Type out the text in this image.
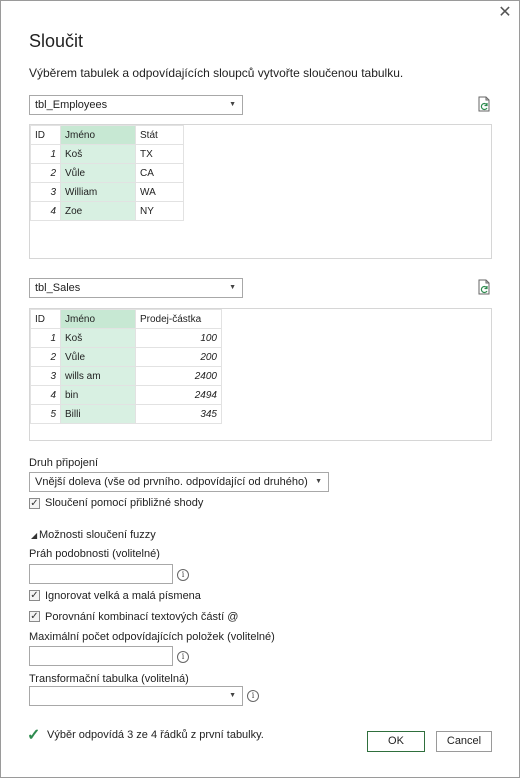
✕
Sloučit
Výběrem tabulek a odpovídajících sloupců vytvořte sloučenou tabulku.
tbl_Employees	▼
ID	Jméno	Stát
1	Koš	TX
2	Vůle	CA
3	William	WA
4	Zoe	NY
tbl_Sales	▼
ID	Jméno	Prodej-částka
1	Koš	100
2	Vůle	200
3	wills am	2400
4	bin	2494
5	Billi	345
Druh připojení
Vnější doleva (vše od prvního. odpovídající od druhého) ▼
✓ Sloučení pomocí přibližné shody
◢ Možnosti sloučení fuzzy
Práh podobnosti (volitelné)
i
✓ Ignorovat velká a malá písmena
✓ Porovnání kombinací textových částí @
Maximální počet odpovídajících položek (volitelné)
i
Transformační tabulka (volitelná)
▼	i
✓ Výběr odpovídá 3 ze 4 řádků z první tabulky.	OK	Cancel
